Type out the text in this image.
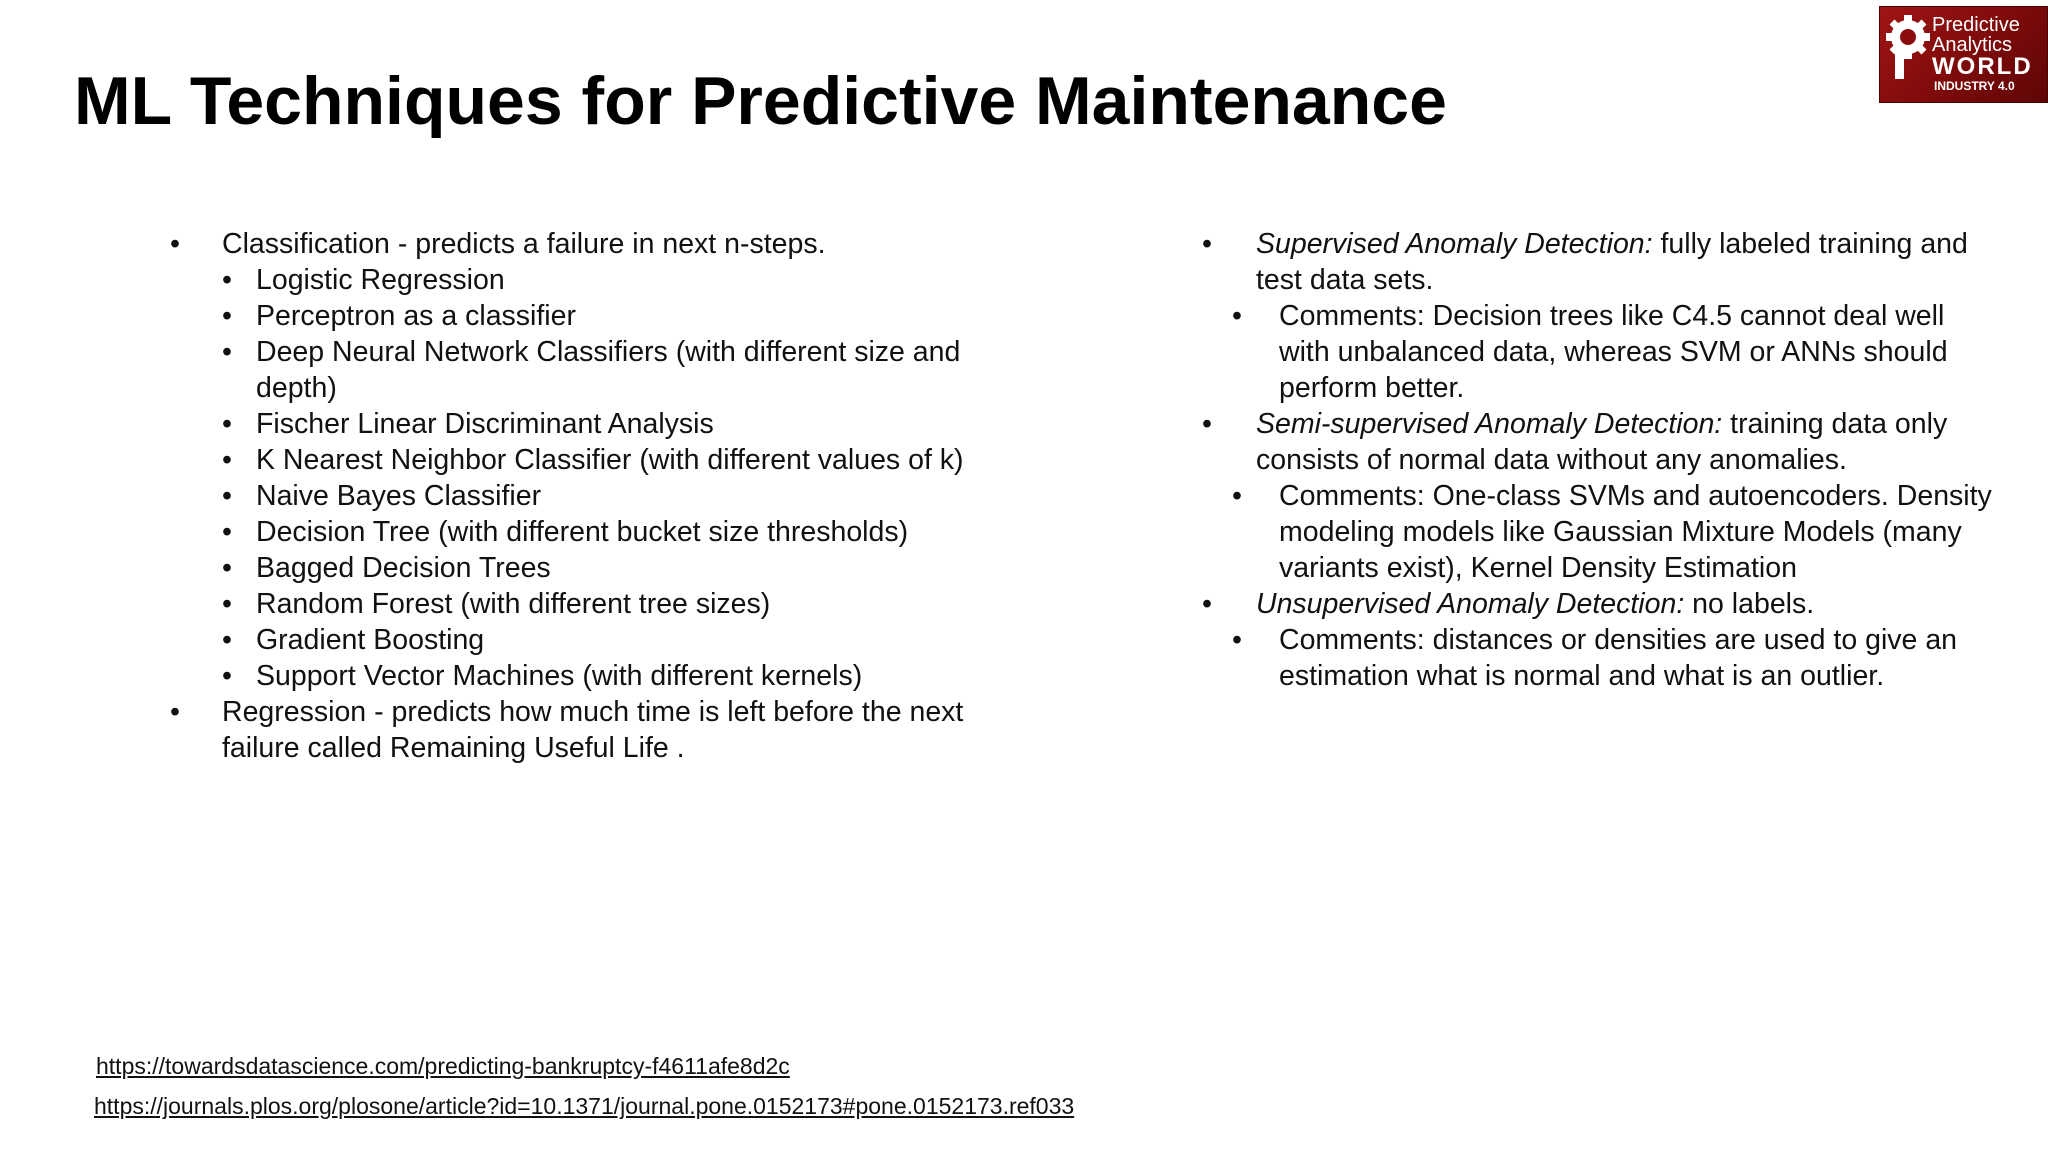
ML Techniques for Predictive Maintenance
Predictive
Analytics
WORLD

INDUSTRY 4.0
• Classification - predicts a failure in next n-steps.
• Logistic Regression
• Perceptron as a classifier
• Deep Neural Network Classifiers (with different size and depth)
• Fischer Linear Discriminant Analysis
• K Nearest Neighbor Classifier (with different values of k)
• Naive Bayes Classifier
• Decision Tree (with different bucket size thresholds)
• Bagged Decision Trees
• Random Forest (with different tree sizes)
• Gradient Boosting
• Support Vector Machines (with different kernels)
• Regression - predicts how much time is left before the next failure called Remaining Useful Life .
• Supervised Anomaly Detection: fully labeled training and test data sets.
• Comments: Decision trees like C4.5 cannot deal well with unbalanced data, whereas SVM or ANNs should perform better.
• Semi-supervised Anomaly Detection: training data only consists of normal data without any anomalies.
• Comments: One-class SVMs and autoencoders. Density modeling models like Gaussian Mixture Models (many variants exist), Kernel Density Estimation
• Unsupervised Anomaly Detection: no labels.
• Comments: distances or densities are used to give an estimation what is normal and what is an outlier.
https://towardsdatascience.com/predicting-bankruptcy-f4611afe8d2c
https://journals.plos.org/plosone/article?id=10.1371/journal.pone.0152173#pone.0152173.ref033
